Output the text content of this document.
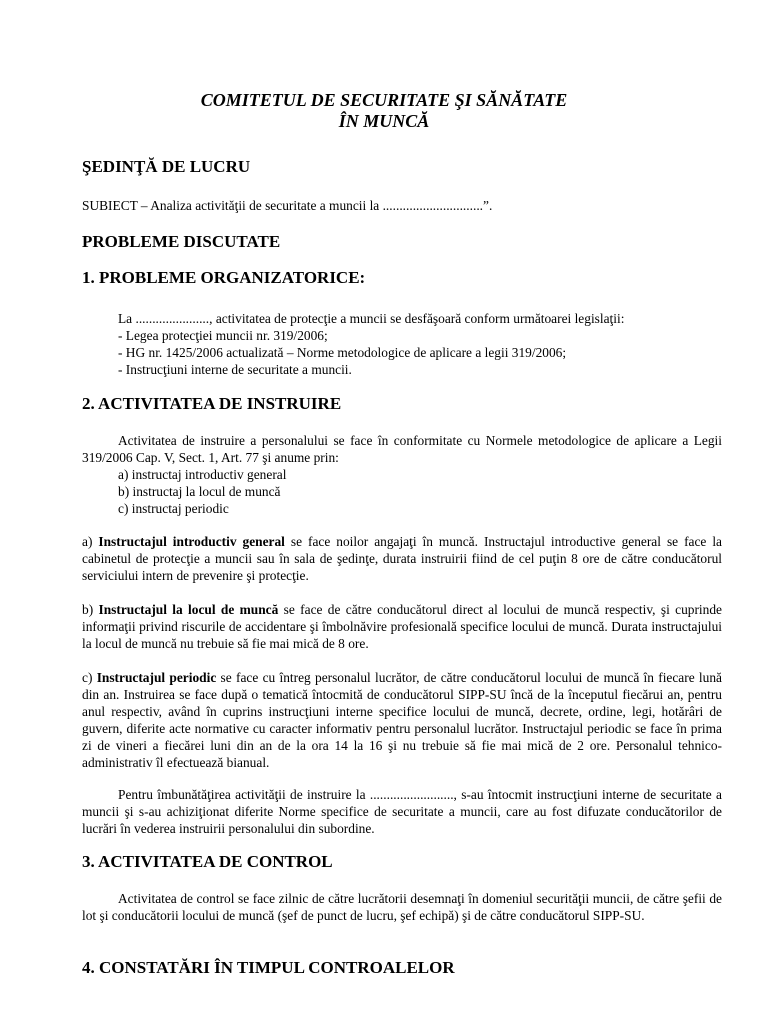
COMITETUL DE SECURITATE ŞI SĂNĂTATE
ÎN MUNCĂ
ŞEDINŢĂ DE LUCRU

SUBIECT – Analiza activităţii de securitate a muncii la ..............................”.

PROBLEME DISCUTATE
1. PROBLEME ORGANIZATORICE:
La ......................, activitatea de protecţie a muncii se desfăşoară conform următoarei legislaţii:
- Legea protecţiei muncii nr. 319/2006;
- HG nr. 1425/2006 actualizată – Norme metodologice de aplicare a legii 319/2006;
- Instrucţiuni interne de securitate a muncii.
2. ACTIVITATEA DE INSTRUIRE

Activitatea de instruire a personalului se face în conformitate cu Normele metodologice de aplicare a Legii 319/2006 Cap. V, Sect. 1, Art. 77 şi anume prin:

a) instructaj introductiv general
b) instructaj la locul de muncă
c) instructaj periodic

a) Instructajul introductiv general se face noilor angajaţi în muncă. Instructajul introductive general se face la cabinetul de protecţie a muncii sau în sala de şedinţe, durata instruirii fiind de cel puţin 8 ore de către conducătorul serviciului intern de prevenire şi protecţie.

b) Instructajul la locul de muncă se face de către conducătorul direct al locului de muncă respectiv, şi cuprinde informaţii privind riscurile de accidentare şi îmbolnăvire profesională specifice locului de muncă. Durata instructajului la locul de muncă nu trebuie să fie mai mică de 8 ore.

c) Instructajul periodic se face cu întreg personalul lucrător, de către conducătorul locului de muncă în fiecare lună din an. Instruirea se face după o tematică întocmită de conducătorul SIPP-SU încă de la începutul fiecărui an, pentru anul respectiv, având în cuprins instrucţiuni interne specifice locului de muncă, decrete, ordine, legi, hotărâri de guvern, diferite acte normative cu caracter informativ pentru personalul lucrător. Instructajul periodic se face în prima zi de vineri a fiecărei luni din an de la ora 14 la 16 şi nu trebuie să fie mai mică de 2 ore. Personalul tehnico-administrativ îl efectuează bianual.

Pentru îmbunătăţirea activităţii de instruire la ........................., s-au întocmit instrucţiuni interne de securitate a muncii şi s-au achiziţionat diferite Norme specifice de securitate a muncii, care au fost difuzate conducătorilor de lucrări în vederea instruirii personalului din subordine.

3. ACTIVITATEA DE CONTROL

Activitatea de control se face zilnic de către lucrătorii desemnaţi în domeniul securităţii muncii, de către şefii de lot şi conducătorii locului de muncă (şef de punct de lucru, şef echipă) şi de către conducătorul SIPP-SU.

4. CONSTATĂRI ÎN TIMPUL CONTROALELOR
